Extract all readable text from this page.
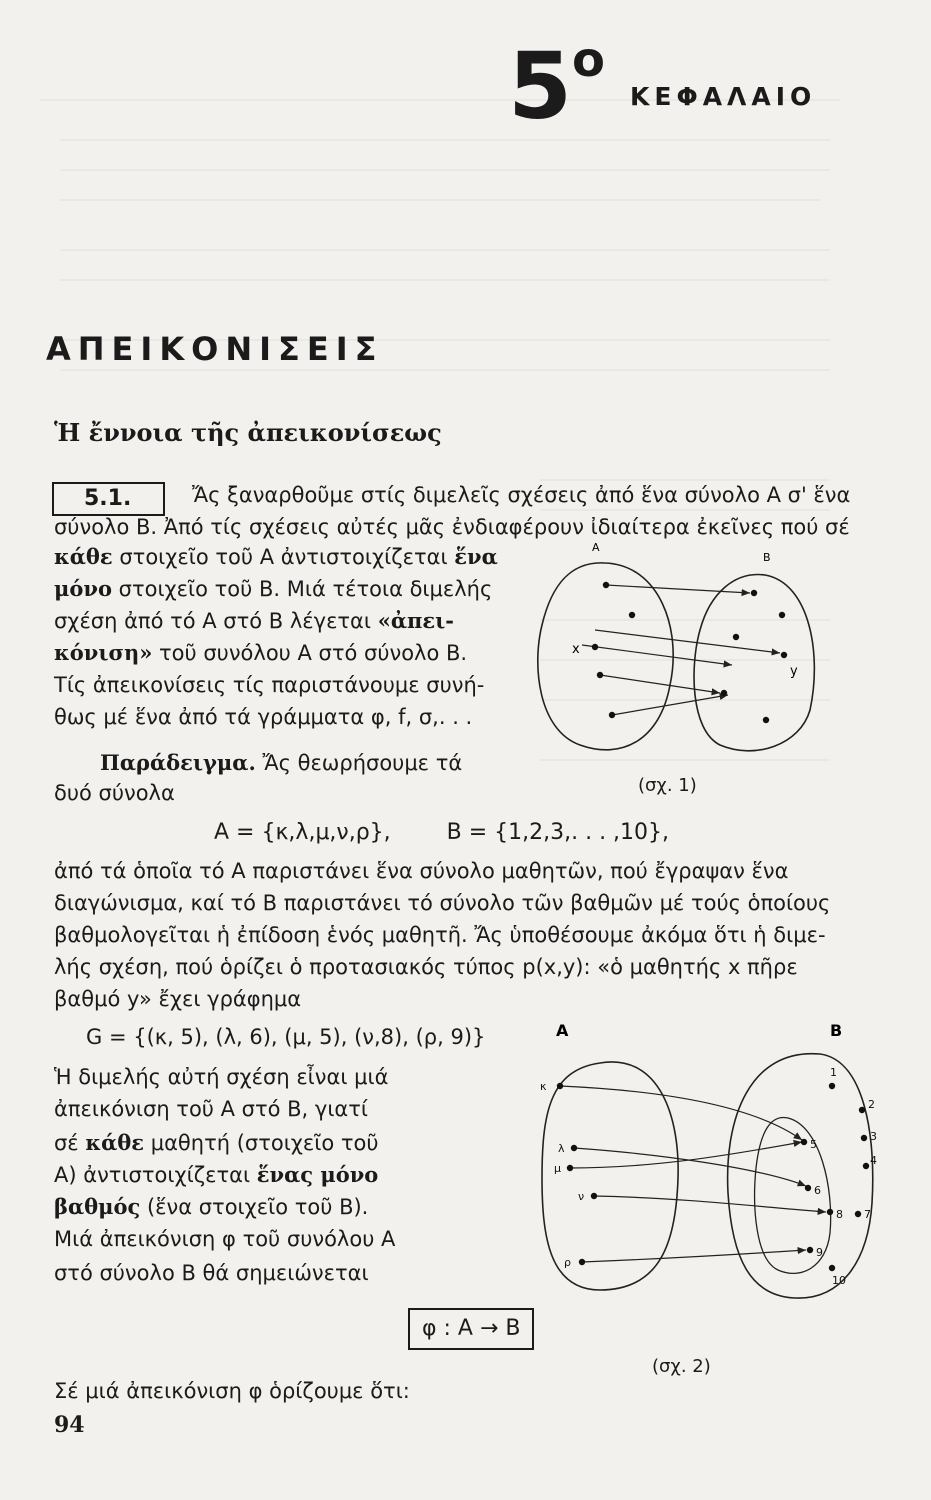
$5^o$
ΚΕΦΑΛΑΙΟ
ΑΠΕΙΚΟΝΙΣΕΙΣ
Ἡ ἔννοια τῆς ἀπεικονίσεως
5.1.	Ἄς ξαναρθοῦμε στίς διμελεῖς σχέσεις ἀπό ἕνα σύνολο Α σ' ἕνα
σύνολο Β. Ἀπό τίς σχέσεις αὐτές μᾶς ἐνδιαφέρουν ἰδιαίτερα ἐκεῖνες πού σέ
κάθε στοιχεῖο τοῦ Α ἀντιστοιχίζεται ἕνα
μόνο στοιχεῖο τοῦ Β. Μιά τέτοια διμελής
σχέση ἀπό τό Α στό Β λέγεται «ἀπει-
κόνιση» τοῦ συνόλου Α στό σύνολο Β.
Τίς ἀπεικονίσεις τίς παριστάνουμε συνή-
θως μέ ἕνα ἀπό τά γράμματα φ, f, σ,. . .
Α
Β
x
y
(σχ. 1)
Παράδειγμα. Ἄς θεωρήσουμε τά
δυό σύνολα
Α = {κ,λ,μ,ν,ρ},        Β = {1,2,3,. . . ,10},
ἀπό τά ὁποῖα τό Α παριστάνει ἕνα σύνολο μαθητῶν, πού ἔγραψαν ἕνα
διαγώνισμα, καί τό Β παριστάνει τό σύνολο τῶν βαθμῶν μέ τούς ὁποίους
βαθμολογεῖται ἡ ἐπίδοση ἑνός μαθητῆ. Ἄς ὑποθέσουμε ἀκόμα ὅτι ἡ διμε-
λής σχέση, πού ὁρίζει ὁ προτασιακός τύπος p(x,y): «ὁ μαθητής x πῆρε
βαθμό y» ἔχει γράφημα
G = {(κ, 5), (λ, 6), (μ, 5), (ν,8), (ρ, 9)}
Ἡ διμελής αὐτή σχέση εἶναι μιά
ἀπεικόνιση τοῦ Α στό Β, γιατί
σέ κάθε μαθητή (στοιχεῖο τοῦ
Α) ἀντιστοιχίζεται ἕνας μόνο
βαθμός (ἕνα στοιχεῖο τοῦ Β).
Μιά ἀπεικόνιση φ τοῦ συνόλου Α
στό σύνολο Β θά σημειώνεται
Α	Β
κ
λ
μ
ν
ρ
1
2
3
4
5
6
7
8
9
10
(σχ. 2)
φ : Α → Β
Σέ μιά ἀπεικόνιση φ ὁρίζουμε ὅτι:
94
